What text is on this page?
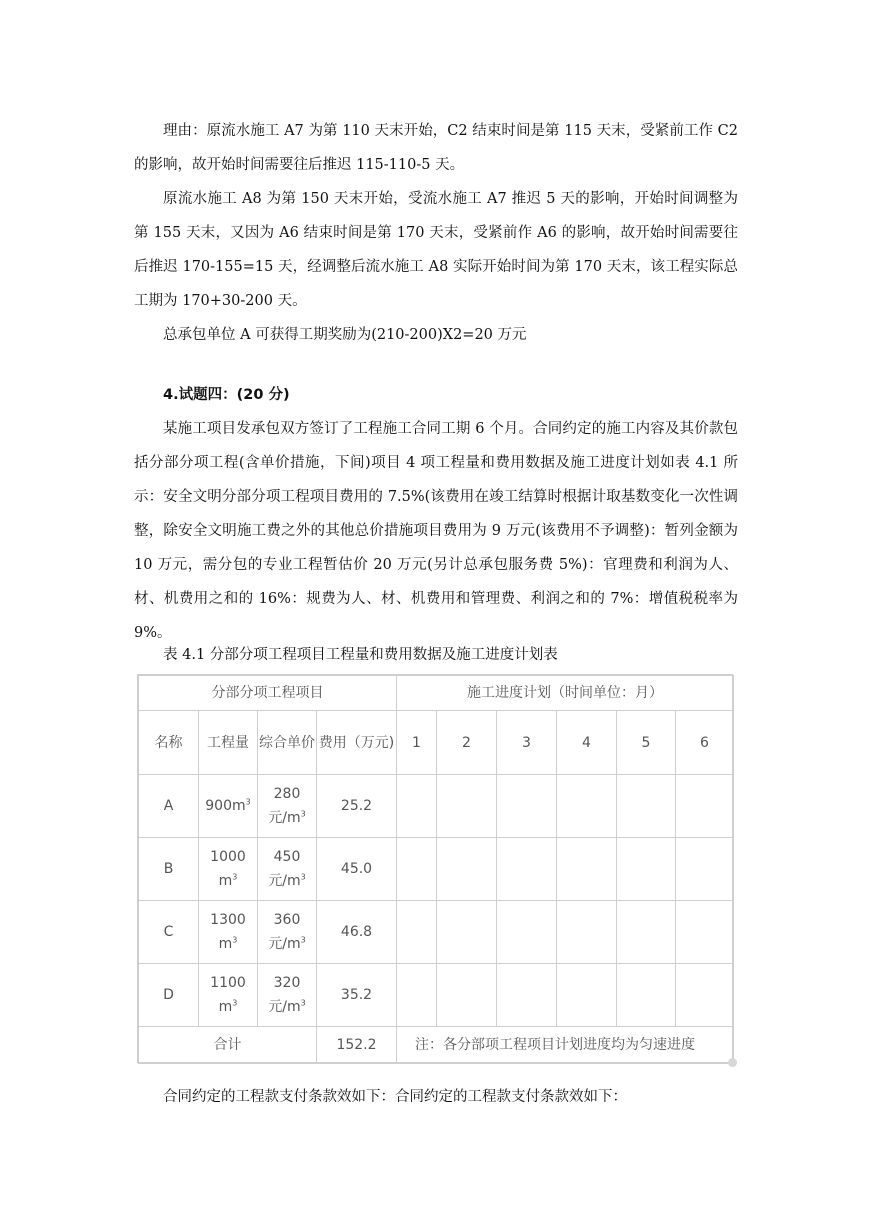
理由：原流水施工 A7 为第 110 天末开始，C2 结束时间是第 115 天末，受紧前工作 C2 的影响，故开始时间需要往后推迟 115-110-5 天。

原流水施工 A8 为第 150 天末开始，受流水施工 A7 推迟 5 天的影响，开始时间调整为第 155 天末，又因为 A6 结束时间是第 170 天末，受紧前作 A6 的影响，故开始时间需要往后推迟 170-155=15 天，经调整后流水施工 A8 实际开始时间为第 170 天末，该工程实际总工期为 170+30-200 天。

总承包单位 A 可获得工期奖励为(210-200)X2=20 万元

4.试题四：(20 分)

某施工项目发承包双方签订了工程施工合同工期 6 个月。合同约定的施工内容及其价款包括分部分项工程(含单价措施，下间)项目 4 项工程量和费用数据及施工进度计划如表 4.1 所示：安全文明分部分项工程项目费用的 7.5%(该费用在竣工结算时根据计取基数变化一次性调整，除安全文明施工费之外的其他总价措施项目费用为 9 万元(该费用不予调整)：暂列金额为 10 万元，需分包的专业工程暂估价 20 万元(另计总承包服务费 5%)：官理费和利润为人、材、机费用之和的 16%：规费为人、材、机费用和管理费、利润之和的 7%：增值税税率为 9%。

表 4.1 分部分项工程项目工程量和费用数据及施工进度计划表

分部分项工程项目				施工进度计划（时间单位：月）					
名称	工程量	综合单价	费用（万元)	1	2	3	4	5	6
A	$900m^3$	280 元$/m^3$	25.2						
B	1000 $m^3$	450 元$/m^3$	45.0						
C	1300 $m^3$	360 元$/m^3$	46.8						
D	1100 $m^3$	320 元$/m^3$	35.2						
合计			152.2	注：各分部项工程项目计划进度均为匀速进度					

合同约定的工程款支付条款效如下：合同约定的工程款支付条款效如下：
